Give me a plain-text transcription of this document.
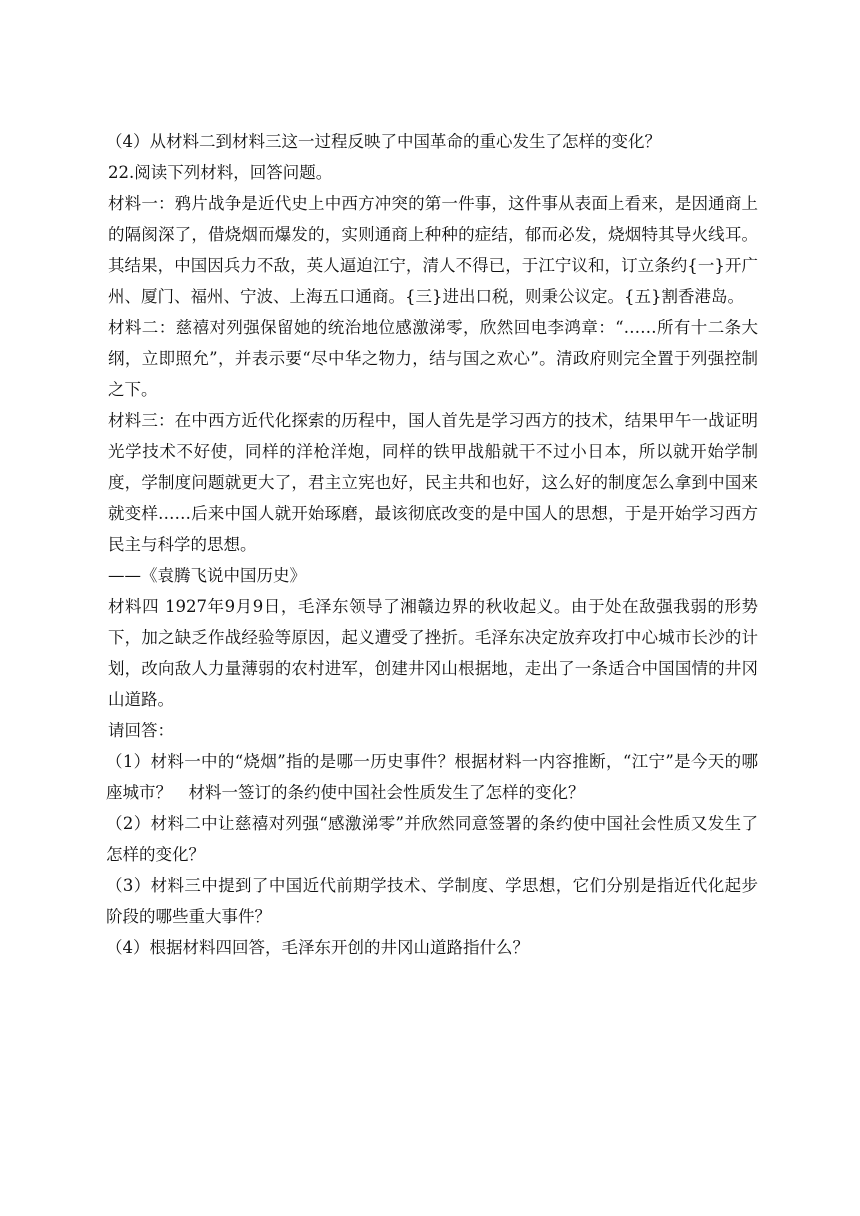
（4）从材料二到材料三这一过程反映了中国革命的重心发生了怎样的变化？

22.阅读下列材料，回答问题。

材料一：鸦片战争是近代史上中西方冲突的第一件事，这件事从表面上看来，是因通商上的隔阂深了，借烧烟而爆发的，实则通商上种种的症结，郁而必发，烧烟特其导火线耳。其结果，中国因兵力不敌，英人逼迫江宁，清人不得已，于江宁议和，订立条约{一}开广州、厦门、福州、宁波、上海五口通商。{三}进出口税，则秉公议定。{五}割香港岛。

材料二：慈禧对列强保留她的统治地位感激涕零，欣然回电李鸿章：“……所有十二条大纲，立即照允”，并表示要“尽中华之物力，结与国之欢心”。清政府则完全置于列强控制之下。

材料三：在中西方近代化探索的历程中，国人首先是学习西方的技术，结果甲午一战证明光学技术不好使，同样的洋枪洋炮，同样的铁甲战船就干不过小日本，所以就开始学制度，学制度问题就更大了，君主立宪也好，民主共和也好，这么好的制度怎么拿到中国来就变样……后来中国人就开始琢磨，最该彻底改变的是中国人的思想，于是开始学习西方民主与科学的思想。

——《袁腾飞说中国历史》

材料四 1927年9月9日，毛泽东领导了湘赣边界的秋收起义。由于处在敌强我弱的形势下，加之缺乏作战经验等原因，起义遭受了挫折。毛泽东决定放弃攻打中心城市长沙的计划，改向敌人力量薄弱的农村进军，创建井冈山根据地，走出了一条适合中国国情的井冈山道路。

请回答：

（1）材料一中的“烧烟”指的是哪一历史事件？根据材料一内容推断，“江宁”是今天的哪座城市？　材料一签订的条约使中国社会性质发生了怎样的变化？

（2）材料二中让慈禧对列强“感激涕零”并欣然同意签署的条约使中国社会性质又发生了怎样的变化？

（3）材料三中提到了中国近代前期学技术、学制度、学思想，它们分别是指近代化起步阶段的哪些重大事件？

（4）根据材料四回答，毛泽东开创的井冈山道路指什么？
